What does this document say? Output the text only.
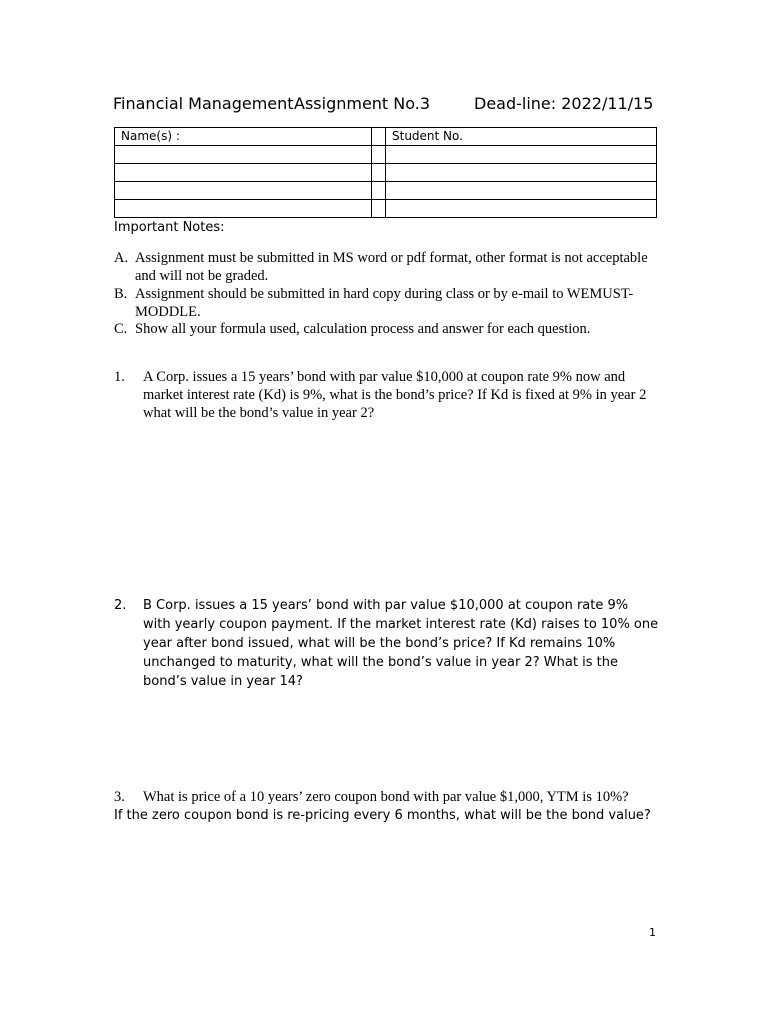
Financial Management Assignment No.3	Dead-line: 2022/11/15
Name(s) :		Student No.

Important Notes:
A. Assignment must be submitted in MS word or pdf format, other format is not acceptable and will not be graded.
B. Assignment should be submitted in hard copy during class or by e-mail to WEMUST-MODDLE.
C. Show all your formula used, calculation process and answer for each question.
1. A Corp. issues a 15 years’ bond with par value $10,000 at coupon rate 9% now and market interest rate (Kd) is 9%, what is the bond’s price? If Kd is fixed at 9% in year 2 what will be the bond’s value in year 2?
2. B Corp. issues a 15 years’ bond with par value $10,000 at coupon rate 9% with yearly coupon payment. If the market interest rate (Kd) raises to 10% one year after bond issued, what will be the bond’s price? If Kd remains 10% unchanged to maturity, what will the bond’s value in year 2? What is the bond’s value in year 14?
3. What is price of a 10 years’ zero coupon bond with par value $1,000, YTM is 10%?
If the zero coupon bond is re-pricing every 6 months, what will be the bond value?
1
